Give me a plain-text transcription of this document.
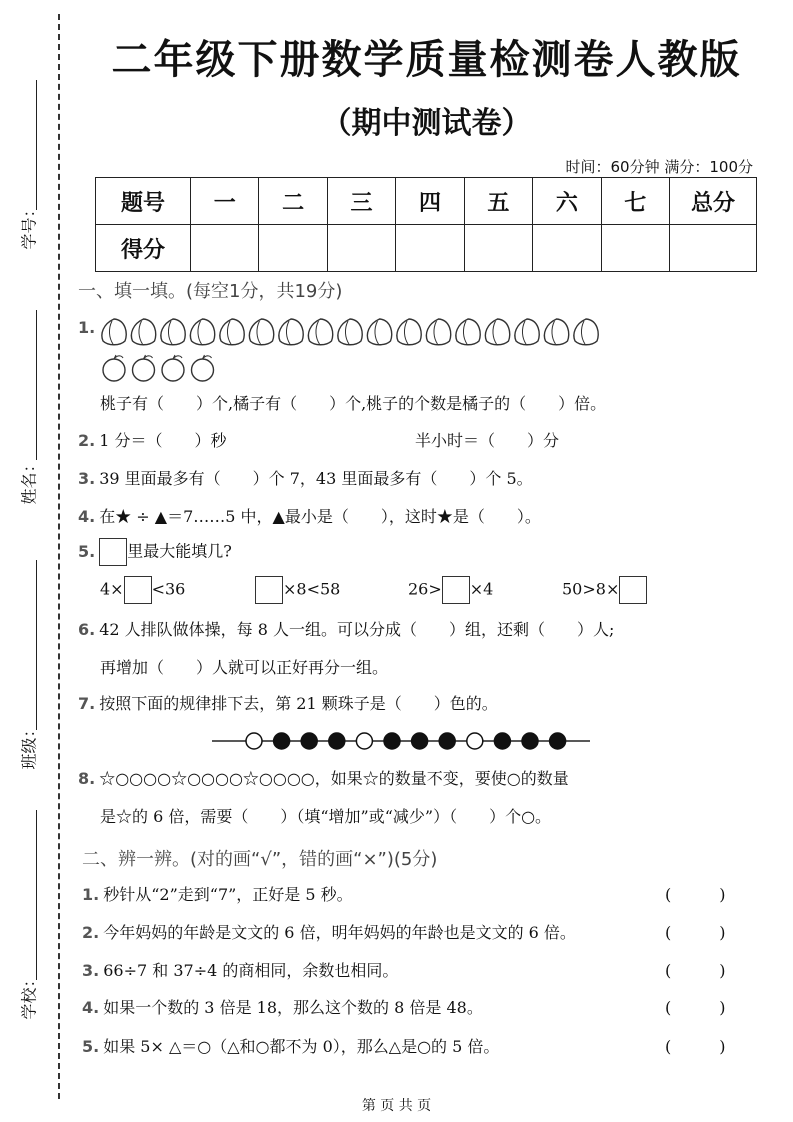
学号：
姓名：
班级：
学校：
二年级下册数学质量检测卷人教版
（期中测试卷）
时间：60分钟 满分：100分
题号	一	二	三	四	五	六	七	总分
得分								
一、填一填。(每空1分，共19分)
1.
桃子有（　　）个,橘子有（　　）个,桃子的个数是橘子的（　　）倍。
2. 1 分＝（　　）秒	半小时＝（　　）分
3. 39 里面最多有（　　）个 7，43 里面最多有（　　）个 5。
4. 在★ ÷ ▲＝7……5 中，▲最小是（　　），这时★是（　　）。
5. 里最大能填几?
4× <36	×8<58	26> ×4	50>8×
6. 42 人排队做体操，每 8 人一组。可以分成（　　）组，还剩（　　）人;
再增加（　　）人就可以正好再分一组。
7. 按照下面的规律排下去，第 21 颗珠子是（　　）色的。
8. ☆○○○○☆○○○○☆○○○○，如果☆的数量不变，要使○的数量
是☆的 6 倍，需要（　　）（填“增加”或“减少”）（　　）个○。
二、辨一辨。(对的画“√”，错的画“×”)(5分)
1. 秒针从“2”走到“7”，正好是 5 秒。	(　　　)
2. 今年妈妈的年龄是文文的 6 倍，明年妈妈的年龄也是文文的 6 倍。	(　　　)
3. 66÷7 和 37÷4 的商相同，余数也相同。	(　　　)
4. 如果一个数的 3 倍是 18，那么这个数的 8 倍是 48。	(　　　)
5. 如果 5× △＝○（△和○都不为 0），那么△是○的 5 倍。	(　　　)
第 页 共 页
